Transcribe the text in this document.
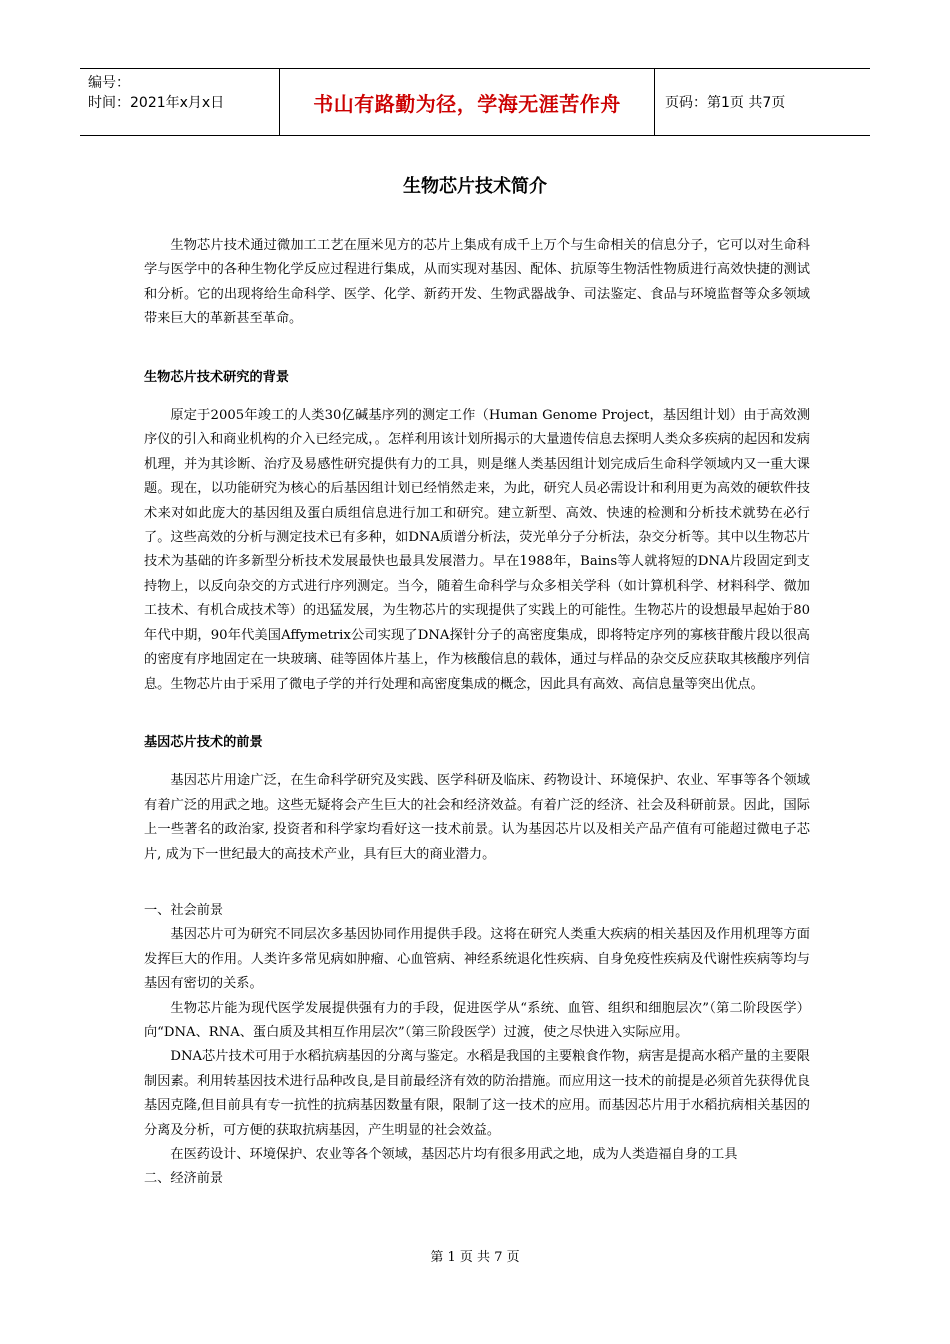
编号：
时间：2021年x月x日	书山有路勤为径，学海无涯苦作舟	页码：第1页 共7页
生物芯片技术简介

生物芯片技术通过微加工工艺在厘米见方的芯片上集成有成千上万个与生命相关的信息分子，它可以对生命科学与医学中的各种生物化学反应过程进行集成，从而实现对基因、配体、抗原等生物活性物质进行高效快捷的测试和分析。它的出现将给生命科学、医学、化学、新药开发、生物武器战争、司法鉴定、食品与环境监督等众多领域带来巨大的革新甚至革命。

生物芯片技术研究的背景

原定于2005年竣工的人类30亿碱基序列的测定工作（Human Genome Project，基因组计划）由于高效测序仪的引入和商业机构的介入已经完成，。怎样利用该计划所揭示的大量遗传信息去探明人类众多疾病的起因和发病机理，并为其诊断、治疗及易感性研究提供有力的工具，则是继人类基因组计划完成后生命科学领域内又一重大课题。现在，以功能研究为核心的后基因组计划已经悄然走来，为此，研究人员必需设计和利用更为高效的硬软件技术来对如此庞大的基因组及蛋白质组信息进行加工和研究。建立新型、高效、快速的检测和分析技术就势在必行了。这些高效的分析与测定技术已有多种，如DNA质谱分析法，荧光单分子分析法，杂交分析等。其中以生物芯片技术为基础的许多新型分析技术发展最快也最具发展潜力。早在1988年，Bains等人就将短的DNA片段固定到支持物上，以反向杂交的方式进行序列测定。当今，随着生命科学与众多相关学科（如计算机科学、材料科学、微加工技术、有机合成技术等）的迅猛发展，为生物芯片的实现提供了实践上的可能性。生物芯片的设想最早起始于80年代中期，90年代美国Affymetrix公司实现了DNA探针分子的高密度集成，即将特定序列的寡核苷酸片段以很高的密度有序地固定在一块玻璃、硅等固体片基上，作为核酸信息的载体，通过与样品的杂交反应获取其核酸序列信息。生物芯片由于采用了微电子学的并行处理和高密度集成的概念，因此具有高效、高信息量等突出优点。

基因芯片技术的前景

基因芯片用途广泛，在生命科学研究及实践、医学科研及临床、药物设计、环境保护、农业、军事等各个领域有着广泛的用武之地。这些无疑将会产生巨大的社会和经济效益。有着广泛的经济、社会及科研前景。因此，国际上一些著名的政治家, 投资者和科学家均看好这一技术前景。认为基因芯片以及相关产品产值有可能超过微电子芯片, 成为下一世纪最大的高技术产业，具有巨大的商业潜力。

一、社会前景

基因芯片可为研究不同层次多基因协同作用提供手段。这将在研究人类重大疾病的相关基因及作用机理等方面发挥巨大的作用。人类许多常见病如肿瘤、心血管病、神经系统退化性疾病、自身免疫性疾病及代谢性疾病等均与基因有密切的关系。

生物芯片能为现代医学发展提供强有力的手段，促进医学从“系统、血管、组织和细胞层次”（第二阶段医学）向“DNA、RNA、蛋白质及其相互作用层次”（第三阶段医学）过渡，使之尽快进入实际应用。

DNA芯片技术可用于水稻抗病基因的分离与鉴定。水稻是我国的主要粮食作物，病害是提高水稻产量的主要限制因素。利用转基因技术进行品种改良,是目前最经济有效的防治措施。而应用这一技术的前提是必须首先获得优良基因克隆,但目前具有专一抗性的抗病基因数量有限，限制了这一技术的应用。而基因芯片用于水稻抗病相关基因的分离及分析，可方便的获取抗病基因，产生明显的社会效益。

在医药设计、环境保护、农业等各个领域，基因芯片均有很多用武之地，成为人类造福自身的工具

二、经济前景

第 1 页 共 7 页
